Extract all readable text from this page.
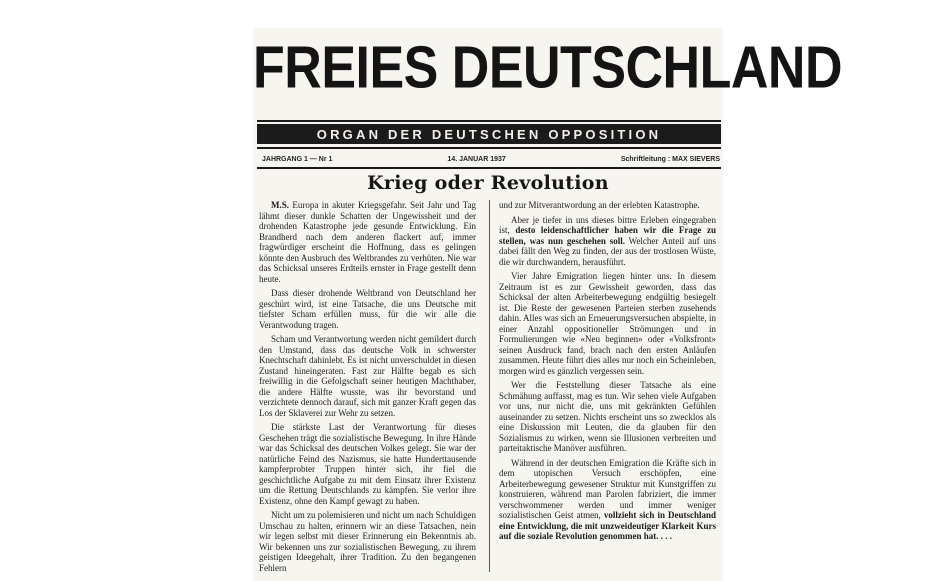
FREIES DEUTSCHLAND
ORGAN DER DEUTSCHEN OPPOSITION
JAHRGANG 1 — Nr 1	14. JANUAR 1937	Schriftleitung : MAX SIEVERS
Krieg oder Revolution

M.S. Europa in akuter Kriegsgefahr. Seit Jahr und Tag lähmt dieser dunkle Schatten der Ungewissheit und der drohenden Katastrophe jede gesunde Entwicklung. Ein Brandherd nach dem anderen flackert auf, immer fragwürdiger erscheint die Hoffnung, dass es gelingen könnte den Ausbruch des Weltbrandes zu verhüten. Nie war das Schicksal unseres Erdteils ernster in Frage gestellt denn heute.

Dass dieser drohende Weltbrand von Deutschland her geschürt wird, ist eine Tatsache, die uns Deutsche mit tiefster Scham erfüllen muss, für die wir alle die Verantwodung tragen.

Scham und Verantwortung werden nicht gemildert durch den Umstand, dass das deutsche Volk in schwerster Knechtschaft dahinlebt. Es ist nicht unverschuldet in diesen Zustand hineingeraten. Fast zur Hälfte begab es sich freiwillig in die Gefolgschaft seiner heutigen Machthaber, die andere Hälfte wusste, was ihr bevorstand und verzichtete dennoch darauf, sich mit ganzer Kraft gegen das Los der Sklaverei zur Wehr zu setzen.

Die stärkste Last der Verantwortung für dieses Geschehen trägt die sozialistische Bewegung. In ihre Hände war das Schicksal des deutschen Volkes gelegt. Sie war der natürliche Feind des Nazismus, sie hatte Hunderttausende kampferprobter Truppen hinter sich, ihr fiel die geschichtliche Aufgabe zu mit dem Einsatz ihrer Existenz um die Rettung Deutschlands zu kämpfen. Sie verlor ihre Existenz, ohne den Kampf gewagt zu haben.

Nicht um zu polemisieren und nicht um nach Schuldigen Umschau zu halten, erinnern wir an diese Tatsachen, nein wir legen selbst mit dieser Erinnerung ein Bekenntnis ab. Wir bekennen uns zur sozialistischen Bewegung, zu ihrem geistigen Ideegehalt, ihrer Tradition. Zu den begangenen Fehlern

und zur Mitverantwordung an der erlebten Katastrophe.

Aber je tiefer in uns dieses bittre Erleben eingegraben ist, desto leidenschaftlicher haben wir die Frage zu stellen, was nun geschehen soll. Welcher Anteil auf uns dabei fällt den Weg zu finden, der aus der trostlosen Wüste, die wir durchwandern, herausführt.

Vier Jahre Emigration liegen hinter uns. In diesem Zeitraum ist es zur Gewissheit geworden, dass das Schicksal der alten Arbeiterbewegung endgültig besiegelt ist. Die Reste der gewesenen Parteien sterben zusehends dahin. Alles was sich an Erneuerungsversuchen abspielte, in einer Anzahl oppositioneller Strömungen und in Formulierungen wie «Neu beginnen» oder «Volksfront» seinen Ausdruck fand, brach nach den ersten Anläufen zusammen. Heute führt dies alles nur noch ein Scheinleben, morgen wird es gänzlich vergessen sein.

Wer die Feststellung dieser Tatsache als eine Schmähung auffasst, mag es tun. Wir sehen viele Aufgaben vor uns, nur nicht die, uns mit gekränkten Gefühlen auseinander zu setzen. Nichts erscheint uns so zwecklos als eine Diskussion mit Leuten, die da glauben für den Sozialismus zu wirken, wenn sie Illusionen verbreiten und parteitaktische Manöver ausführen.

Während in der deutschen Emigration die Kräfte sich in dem utopischen Versuch erschöpfen, eine Arbeiterbewegung gewesener Struktur mit Kunstgriffen zu konstruieren, während man Parolen fabriziert, die immer verschwommener werden und immer weniger sozialistischen Geist atmen, vollzieht sich in Deutschland eine Entwicklung, die mit unzweideutiger Klarkeit Kurs auf die soziale Revolution genommen hat. . . .
